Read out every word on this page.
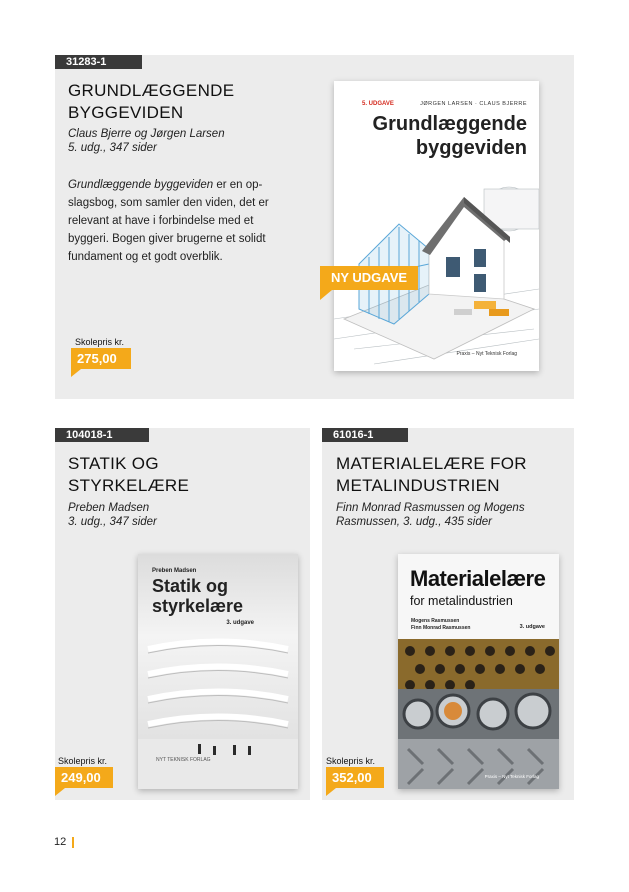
31283-1
GRUNDLÆGGENDE
BYGGEVIDEN
Claus Bjerre og Jørgen Larsen
5. udg., 347 sider
Grundlæggende byggeviden er en op-
slagsbog, som samler den viden, det er
relevant at have i forbindelse med et
byggeri. Bogen giver brugerne et solidt
fundament og et godt overblik.
Skolepris kr.
275,00
5. UDGAVE	JØRGEN LARSEN · CLAUS BJERRE
Grundlæggende
byggeviden
Praxis – Nyt Teknisk Forlag
NY UDGAVE
104018-1
STATIK OG
STYRKELÆRE
Preben Madsen
3. udg., 347 sider
Preben Madsen
Statik og
styrkelære
3. udgave
NYT TEKNISK FORLAG
Skolepris kr.
249,00
61016-1
MATERIALELÆRE FOR
METALINDUSTRIEN
Finn Monrad Rasmussen og Mogens
Rasmussen, 3. udg., 435 sider
Materialelære
for metalindustrien
Mogens Rasmussen
Finn Monrad Rasmussen	3. udgave
Praxis – Nyt Teknisk Forlag
Skolepris kr.
352,00
12
